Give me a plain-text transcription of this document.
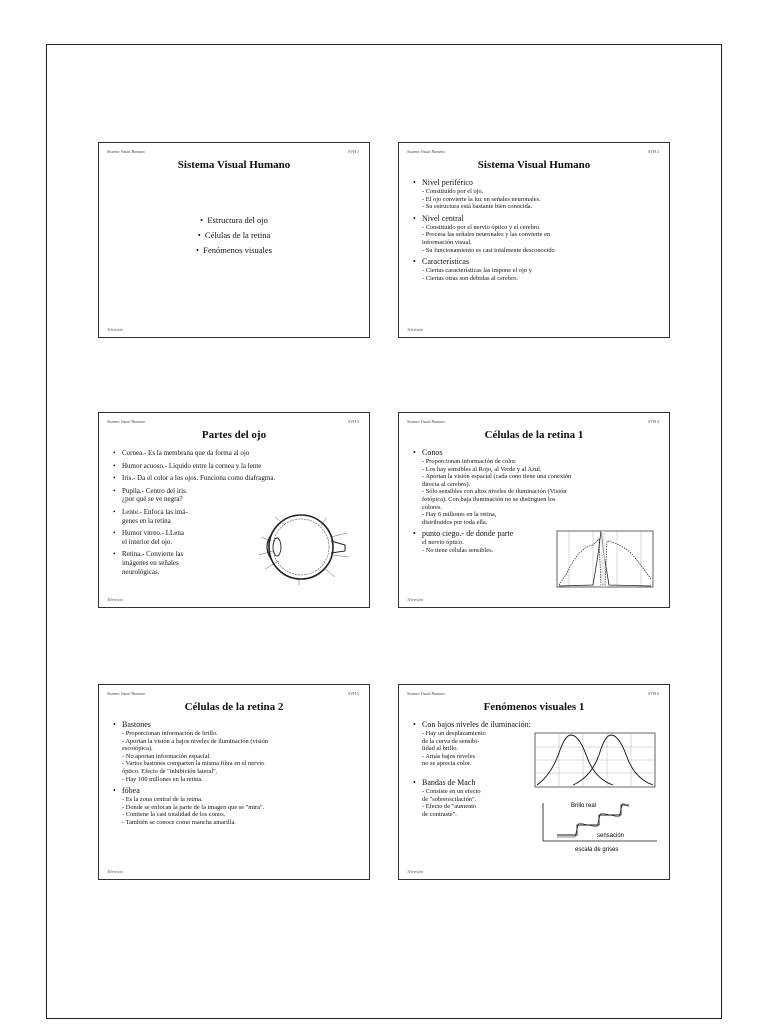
Sistema Visual Humano	SVH 1
Sistema Visual Humano
•  Estructura del ojo
•  Células de la retina
•  Fenómenos visuales
Televisión
Sistema Visual Humano	SVH 2
Sistema Visual Humano

• Nivel periférico

- Constituido por el ojo.

- El ojo convierte la luz en señales neuronales.

- Su estructura está bastante bien conocida.

• Nivel central

- Constituido por el nervio óptico y el cerebro.

- Procesa las señales neuronales y las convierte en

información visual.

- Su funcionamiento es casi totalmente desconocido

• Características

- Ciertas características las impone el ojo y

- Ciertas otras son debidas al cerebro.

Televisión
Sistema Visual Humano	SVH 3
Partes del ojo

• Cornea.- Es la membrana que da forma al ojo

• Humor acuoso.- Líquido entre la cornea y la lente

• Iris.- Da el color a los ojos. Funciona como diafragma.

• Pupila.- Centro del iris.
¿por qué se ve negra?
• Lente.- Enfoca las imá-
genes en la retina
• Humor vitreo.- LLena
el interior del ojo.
• Retina.- Convierte las
imágenes en señales
neurológicas.
Televisión
Sistema Visual Humano	SVH 4
Células de la retina 1

• Conos

- Proporcionan información de color.

- Los hay sensibles al Rojo, al Verde y al Azul.

- Aportan la visión espacial (cada cono tiene una conexión

directa al cerebro).

- Sólo sensibles con altos niveles de iluminación (Visión

fotópica). Con baja iluminación no se distinguen los

colores.

- Hay 6 millones en la retina,

distribuidos por toda ella.

• punto ciego.- de donde parte

el nervio óptico.

- No tiene células sensibles.

Televisión
Sistema Visual Humano	SVH 5
Células de la retina 2

• Bastones

- Proporcionan información de brillo.

- Aportan la visión a bajos niveles de iluminación (visión

escotópica).

- No aportan información espacial.

- Varios bastones comparten la misma fibra en el nervio

óptico. Efecto de "inhibición lateral".

- Hay 100 millones en la retina.

• fóbea

- Es la zona central de la retina.

- Donde se enfocan la parte de la imagen que se "mira".

- Contiene la casi totalidad de los conos.

- También se conoce como mancha amarilla.

Televisión
Sistema Visual Humano	SVH 6
Fenómenos visuales 1

• Con bajos niveles de iluminación:

- Hay un desplazamiento

de la curva de sensibi-

lidad al brillo.

- Amás bajos niveles

no se aprecia color.

• Bandas de Mach

- Consiste en un efecto

de "sobreoscilación".

- Efecto de "aumento

de contraste".

Brillo real
sensación
escala de grises
Televisión
